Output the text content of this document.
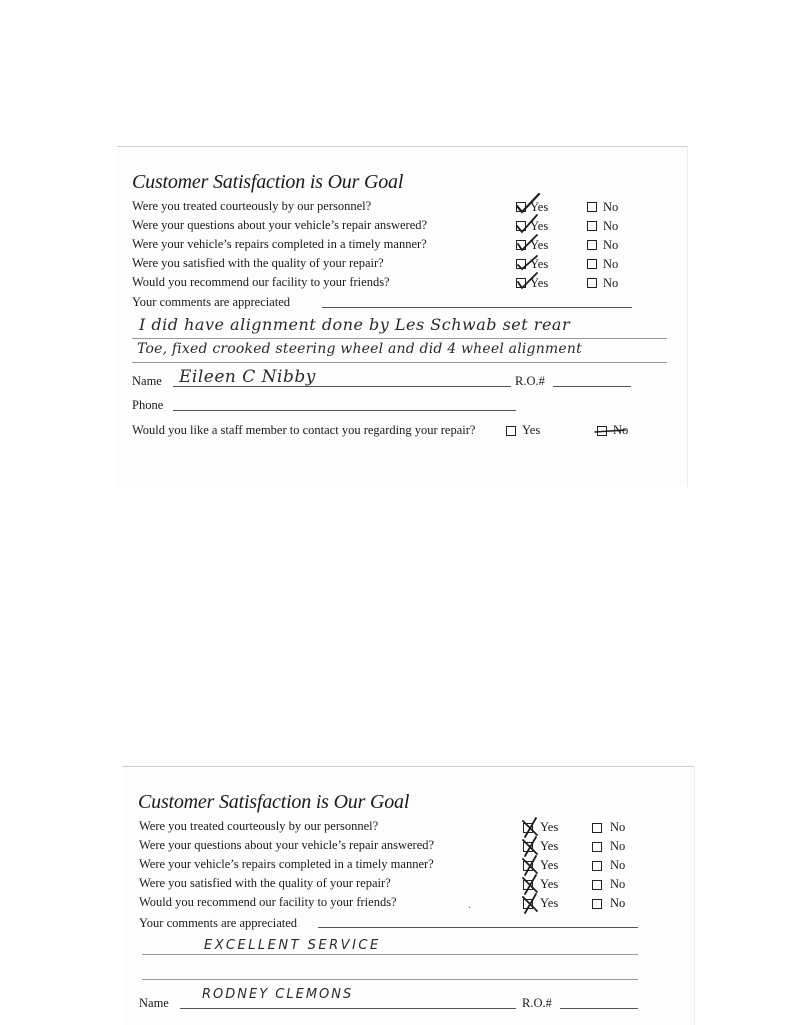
Customer Satisfaction is Our Goal
Were you treated courteously by our personnel?	Yes	No
Were your questions about your vehicle’s repair answered?	Yes	No
Were your vehicle’s repairs completed in a timely manner?	Yes	No
Were you satisfied with the quality of your repair?	Yes	No
Would you recommend our facility to your friends?	Yes	No
Your comments are appreciated
I did have alignment done by Les Schwab set rear
Toe, fixed crooked steering wheel and did 4 wheel alignment
Name Eileen C Nibby	R.O.#
Phone
Would you like a staff member to contact you regarding your repair?	Yes	No
Customer Satisfaction is Our Goal
Were you treated courteously by our personnel?	Yes	No
Were your questions about your vehicle’s repair answered?	Yes	No
Were your vehicle’s repairs completed in a timely manner?	Yes	No
Were you satisfied with the quality of your repair?	Yes	No
Would you recommend our facility to your friends?	.	Yes	No
Your comments are appreciated
EXCELLENT SERVICE
Name
RODNEY CLEMONS
R.O.#
